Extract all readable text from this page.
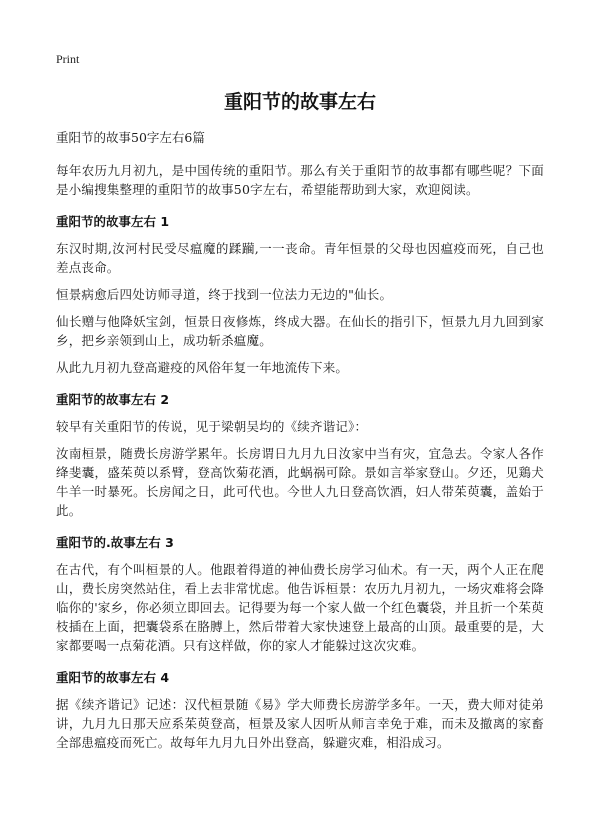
Print
重阳节的故事左右

重阳节的故事50字左右6篇

每年农历九月初九，是中国传统的重阳节。那么有关于重阳节的故事都有哪些呢？下面是小编搜集整理的重阳节的故事50字左右，希望能帮助到大家，欢迎阅读。

重阳节的故事左右 1

东汉时期,汝河村民受尽瘟魔的蹂躏,一一丧命。青年恒景的父母也因瘟疫而死，自己也差点丧命。

恒景病愈后四处访师寻道，终于找到一位法力无边的"仙长。

仙长赠与他降妖宝剑，恒景日夜修炼，终成大器。在仙长的指引下，恒景九月九回到家乡，把乡亲领到山上，成功斩杀瘟魔。

从此九月初九登高避疫的风俗年复一年地流传下来。

重阳节的故事左右 2

较早有关重阳节的传说，见于梁朝吴均的《续齐谐记》：

汝南桓景，随费长房游学累年。长房谓日九月九日汝家中当有灾，宜急去。令家人各作绛斐囊，盛茱萸以系臂，登高饮菊花酒，此蜗祸可除。景如言举家登山。夕还，见鶏犬牛羊一时暴死。长房闻之日，此可代也。今世人九日登高饮酒，妇人带茱萸囊，盖始于此。

重阳节的.故事左右 3

在古代，有个叫桓景的人。他跟着得道的神仙费长房学习仙术。有一天，两个人正在爬山，费长房突然站住，看上去非常忧虑。他告诉桓景：农历九月初九，一场灾难将会降临你的'家乡，你必须立即回去。记得要为每一个家人做一个红色囊袋，并且折一个茱萸枝插在上面，把囊袋系在胳膊上，然后带着大家快速登上最高的山顶。最重要的是，大家都要喝一点菊花酒。只有这样做，你的家人才能躲过这次灾难。

重阳节的故事左右 4

据《续齐谐记》记述：汉代桓景随《易》学大师费长房游学多年。一天，费大师对徒弟讲，九月九日那天应系茱萸登高，桓景及家人因听从师言幸免于难，而未及撤离的家畜全部患瘟疫而死亡。故每年九月九日外出登高，躲避灾难，相沿成习。
